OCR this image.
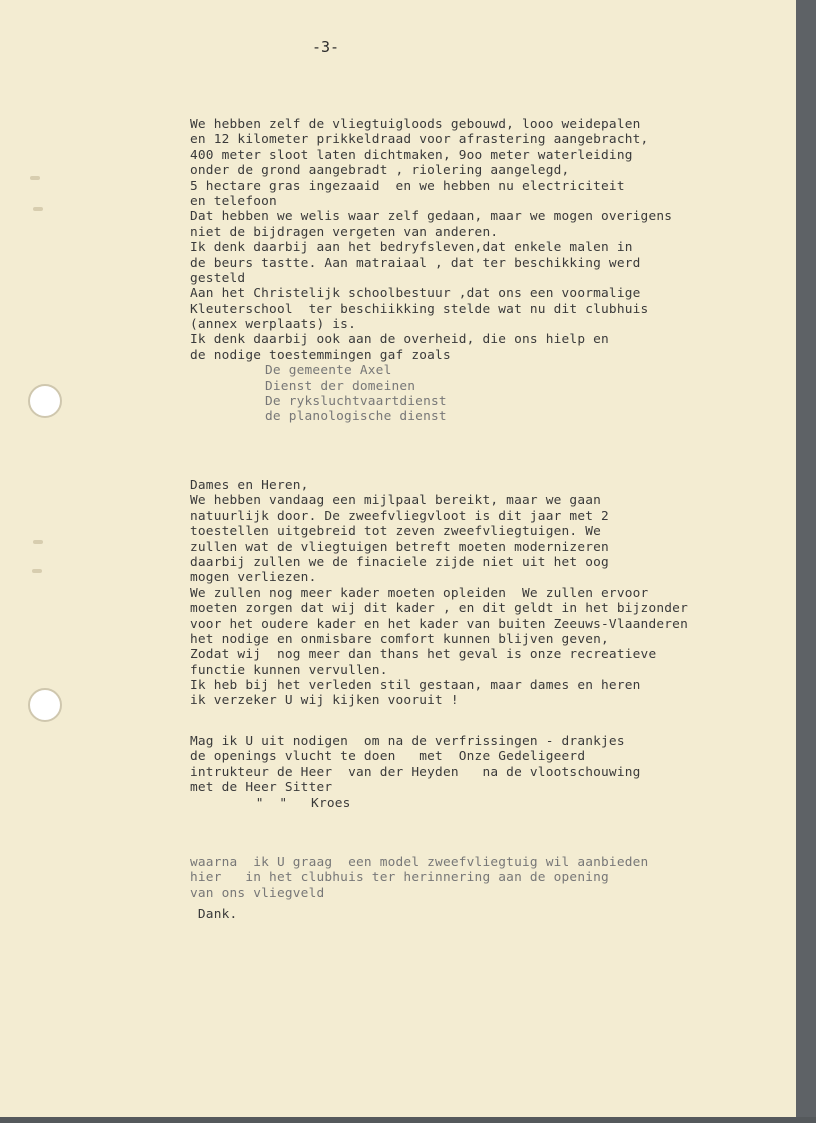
-3-
We hebben zelf de vliegtuigloods gebouwd, looo weidepalen
en 12 kilometer prikkeldraad voor afrastering aangebracht,
400 meter sloot laten dichtmaken, 9oo meter waterleiding
onder de grond aangebradt , riolering aangelegd,
5 hectare gras ingezaaid  en we hebben nu electriciteit
en telefoon
Dat hebben we welis waar zelf gedaan, maar we mogen overigens
niet de bijdragen vergeten van anderen.
Ik denk daarbij aan het bedryfsleven,dat enkele malen in
de beurs tastte. Aan matraiaal , dat ter beschikking werd
gesteld
Aan het Christelijk schoolbestuur ,dat ons een voormalige
Kleuterschool  ter beschiikking stelde wat nu dit clubhuis
(annex werplaats) is.
Ik denk daarbij ook aan de overheid, die ons hielp en
de nodige toestemmingen gaf zoals
De gemeente Axel
Dienst der domeinen
De ryksluchtvaartdienst
de planologische dienst
Dames en Heren,
We hebben vandaag een mijlpaal bereikt, maar we gaan
natuurlijk door. De zweefvliegvloot is dit jaar met 2
toestellen uitgebreid tot zeven zweefvliegtuigen. We
zullen wat de vliegtuigen betreft moeten modernizeren
daarbij zullen we de finaciele zijde niet uit het oog
mogen verliezen.
We zullen nog meer kader moeten opleiden  We zullen ervoor
moeten zorgen dat wij dit kader , en dit geldt in het bijzonder
voor het oudere kader en het kader van buiten Zeeuws-Vlaanderen
het nodige en onmisbare comfort kunnen blijven geven,
Zodat wij  nog meer dan thans het geval is onze recreatieve
functie kunnen vervullen.
Ik heb bij het verleden stil gestaan, maar dames en heren
ik verzeker U wij kijken vooruit !
Mag ik U uit nodigen  om na de verfrissingen - drankjes
de openings vlucht te doen   met  Onze Gedeligeerd
intrukteur de Heer  van der Heyden   na de vlootschouwing
met de Heer Sitter
"  "   Kroes
waarna  ik U graag  een model zweefvliegtuig wil aanbieden
hier   in het clubhuis ter herinnering aan de opening
van ons vliegveld
Dank.
